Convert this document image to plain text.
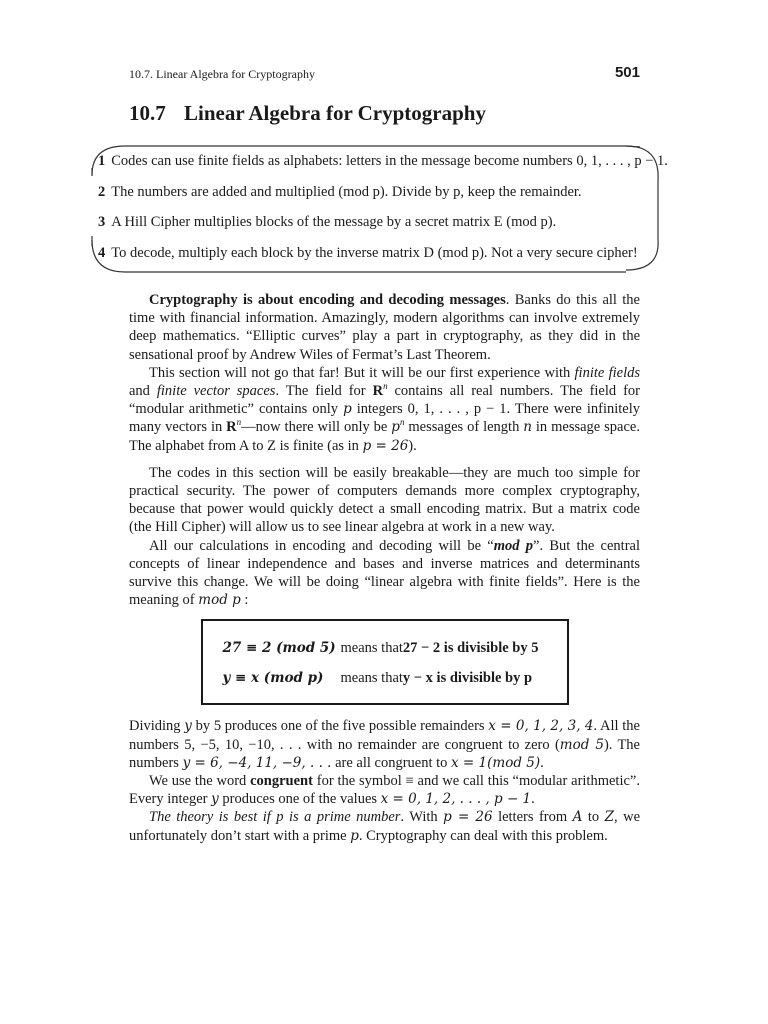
10.7. Linear Algebra for Cryptography	501
10.7 Linear Algebra for Cryptography
1 Codes can use finite fields as alphabets: letters in the message become numbers 0, 1, . . . , p − 1.
2 The numbers are added and multiplied (mod p). Divide by p, keep the remainder.
3 A Hill Cipher multiplies blocks of the message by a secret matrix E (mod p).
4 To decode, multiply each block by the inverse matrix D (mod p). Not a very secure cipher!

Cryptography is about encoding and decoding messages. Banks do this all the time with financial information. Amazingly, modern algorithms can involve extremely deep mathematics. “Elliptic curves” play a part in cryptography, as they did in the sensational proof by Andrew Wiles of Fermat’s Last Theorem.

This section will not go that far! But it will be our first experience with finite fields and finite vector spaces. The field for $R^n$ contains all real numbers. The field for “modular arithmetic” contains only p integers 0, 1, . . . , p − 1. There were infinitely many vectors in $R^n—now$ there will only be $p^n$ messages of length n in message space. The alphabet from A to Z is finite (as in p = 26).

The codes in this section will be easily breakable—they are much too simple for practical security. The power of computers demands more complex cryptography, because that power would quickly detect a small encoding matrix. But a matrix code (the Hill Cipher) will allow us to see linear algebra at work in a new way.

All our calculations in encoding and decoding will be “mod p”. But the central concepts of linear independence and bases and inverse matrices and determinants survive this change. We will be doing “linear algebra with finite fields”. Here is the meaning of mod p :

27 ≡ 2 (mod 5) means that27 − 2 is divisible by 5
y ≡ x (mod p) means thaty − x is divisible by p

Dividing y by 5 produces one of the five possible remainders x = 0, 1, 2, 3, 4. All the numbers 5, −5, 10, −10, . . . with no remainder are congruent to zero (mod 5). The numbers y = 6, −4, 11, −9, . . . are all congruent to x = 1(mod 5).

We use the word congruent for the symbol ≡ and we call this “modular arithmetic”. Every integer y produces one of the values x = 0, 1, 2, . . . , p − 1.

The theory is best if p is a prime number. With p = 26 letters from A to Z, we unfortunately don’t start with a prime p. Cryptography can deal with this problem.
